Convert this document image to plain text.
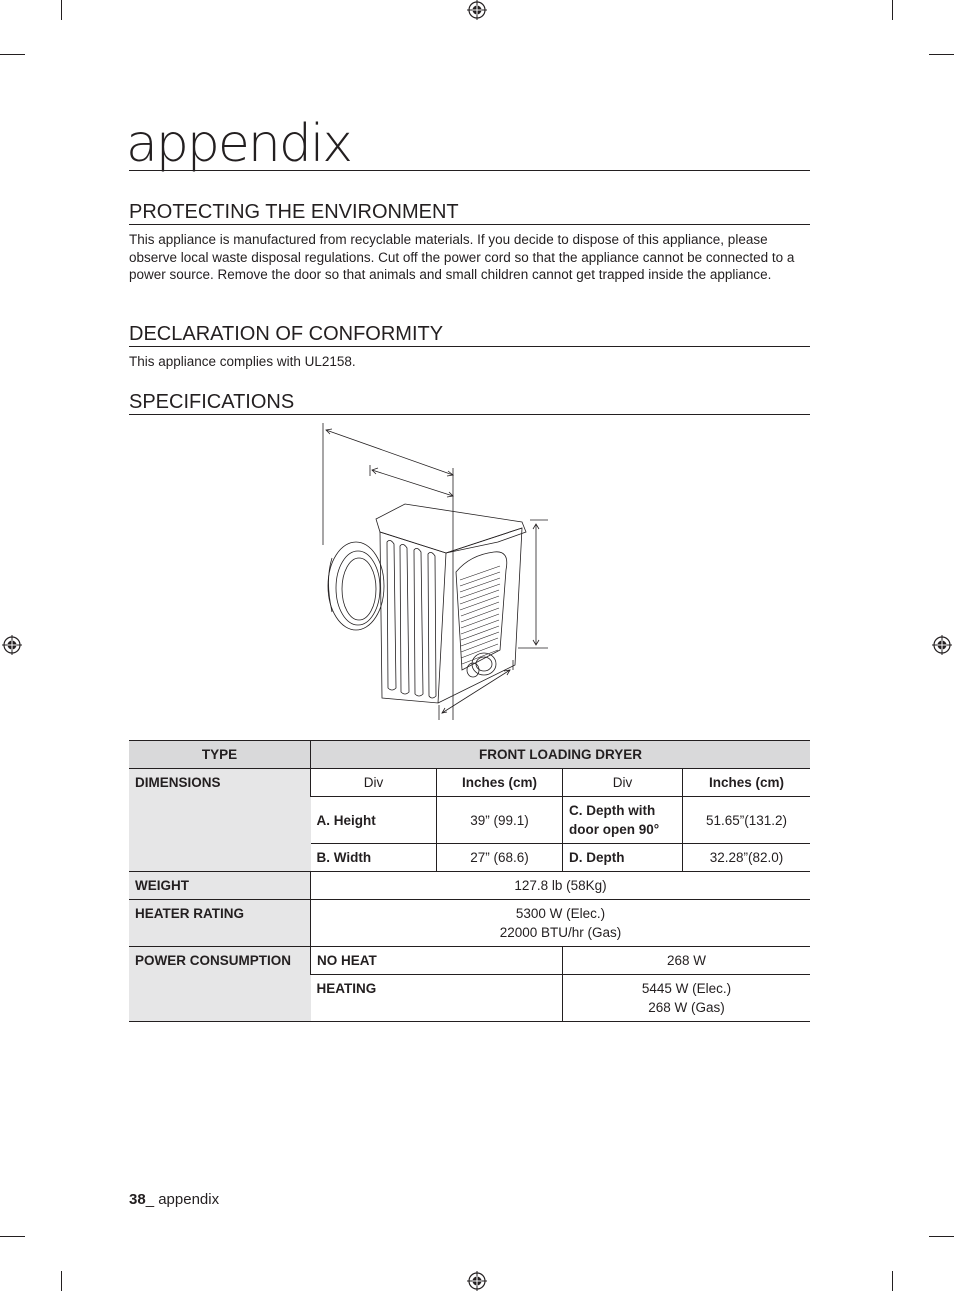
appendix
PROTECTING THE ENVIRONMENT

This appliance is manufactured from recyclable materials. If you decide to dispose of this appliance, please observe local waste disposal regulations. Cut off the power cord so that the appliance cannot be connected to a power source. Remove the door so that animals and small children cannot get trapped inside the appliance.

DECLARATION OF CONFORMITY

This appliance complies with UL2158.

SPECIFICATIONS
TYPE	FRONT LOADING DRYER			
DIMENSIONS	Div	Inches (cm)	Div	Inches (cm)
	A. Height	39” (99.1)	C. Depth with door open 90°	51.65”(131.2)
	B. Width	27” (68.6)	D. Depth	32.28”(82.0)
WEIGHT	127.8 lb (58Kg)			
HEATER RATING	5300 W (Elec.)
22000 BTU/hr (Gas)			

POWER CONSUMPTION	NO HEAT		268 W	

	HEATING		5445 W (Elec.)
268 W (Gas)	
38_ appendix
